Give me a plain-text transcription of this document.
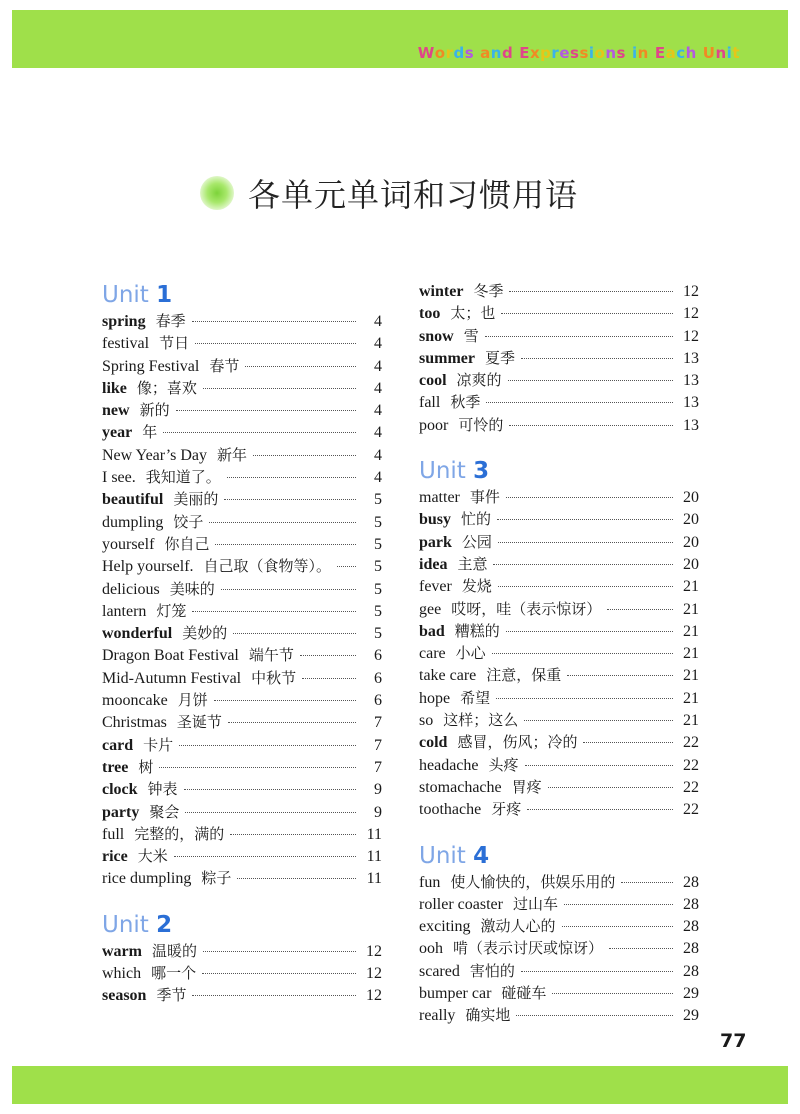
Words and Expressions in Each Unit
各单元单词和习惯用语
Unit 1
spring 春季	4
festival 节日	4
Spring Festival 春节	4
like 像；喜欢	4
new 新的	4
year 年	4
New Year’s Day 新年	4
I see. 我知道了。	4
beautiful 美丽的	5
dumpling 饺子	5
yourself 你自己	5
Help yourself. 自己取（食物等）。	5
delicious 美味的	5
lantern 灯笼	5
wonderful 美妙的	5
Dragon Boat Festival 端午节	6
Mid-Autumn Festival 中秋节	6
mooncake 月饼	6
Christmas 圣诞节	7
card 卡片	7
tree 树	7
clock 钟表	9
party 聚会	9
full 完整的，满的	11
rice 大米	11
rice dumpling 粽子	11
Unit 2
warm 温暖的	12
which 哪一个	12
season 季节	12
winter 冬季	12
too 太；也	12
snow 雪	12
summer 夏季	13
cool 凉爽的	13
fall 秋季	13
poor 可怜的	13
Unit 3
matter 事件	20
busy 忙的	20
park 公园	20
idea 主意	20
fever 发烧	21
gee 哎呀，哇（表示惊讶）	21
bad 糟糕的	21
care 小心	21
take care 注意，保重	21
hope 希望	21
so 这样；这么	21
cold 感冒，伤风；冷的	22
headache 头疼	22
stomachache 胃疼	22
toothache 牙疼	22
Unit 4
fun 使人愉快的，供娱乐用的	28
roller coaster 过山车	28
exciting 激动人心的	28
ooh 啃（表示讨厌或惊讶）	28
scared 害怕的	28
bumper car 碰碰车	29
really 确实地	29
77
